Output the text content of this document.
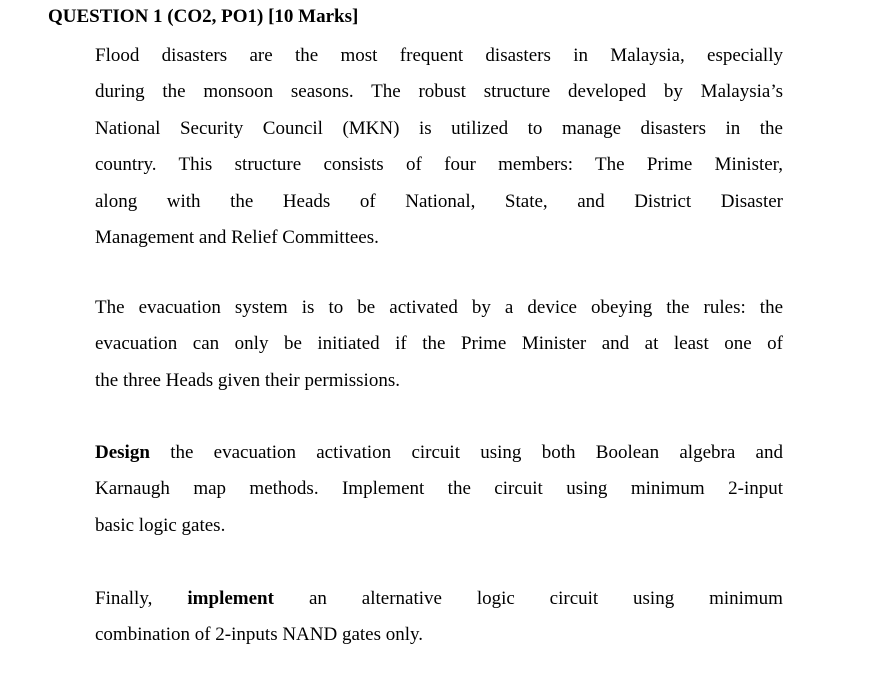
QUESTION 1 (CO2, PO1) [10 Marks]
Flood disasters are the most frequent disasters in Malaysia, especially
during the monsoon seasons. The robust structure developed by Malaysia’s
National Security Council (MKN) is utilized to manage disasters in the
country. This structure consists of four members: The Prime Minister,
along with the Heads of National, State, and District Disaster
Management and Relief Committees.
The evacuation system is to be activated by a device obeying the rules: the
evacuation can only be initiated if the Prime Minister and at least one of
the three Heads given their permissions.
Design the evacuation activation circuit using both Boolean algebra and
Karnaugh map methods. Implement the circuit using minimum 2-input
basic logic gates.
Finally, implement an alternative logic circuit using minimum
combination of 2-inputs NAND gates only.
